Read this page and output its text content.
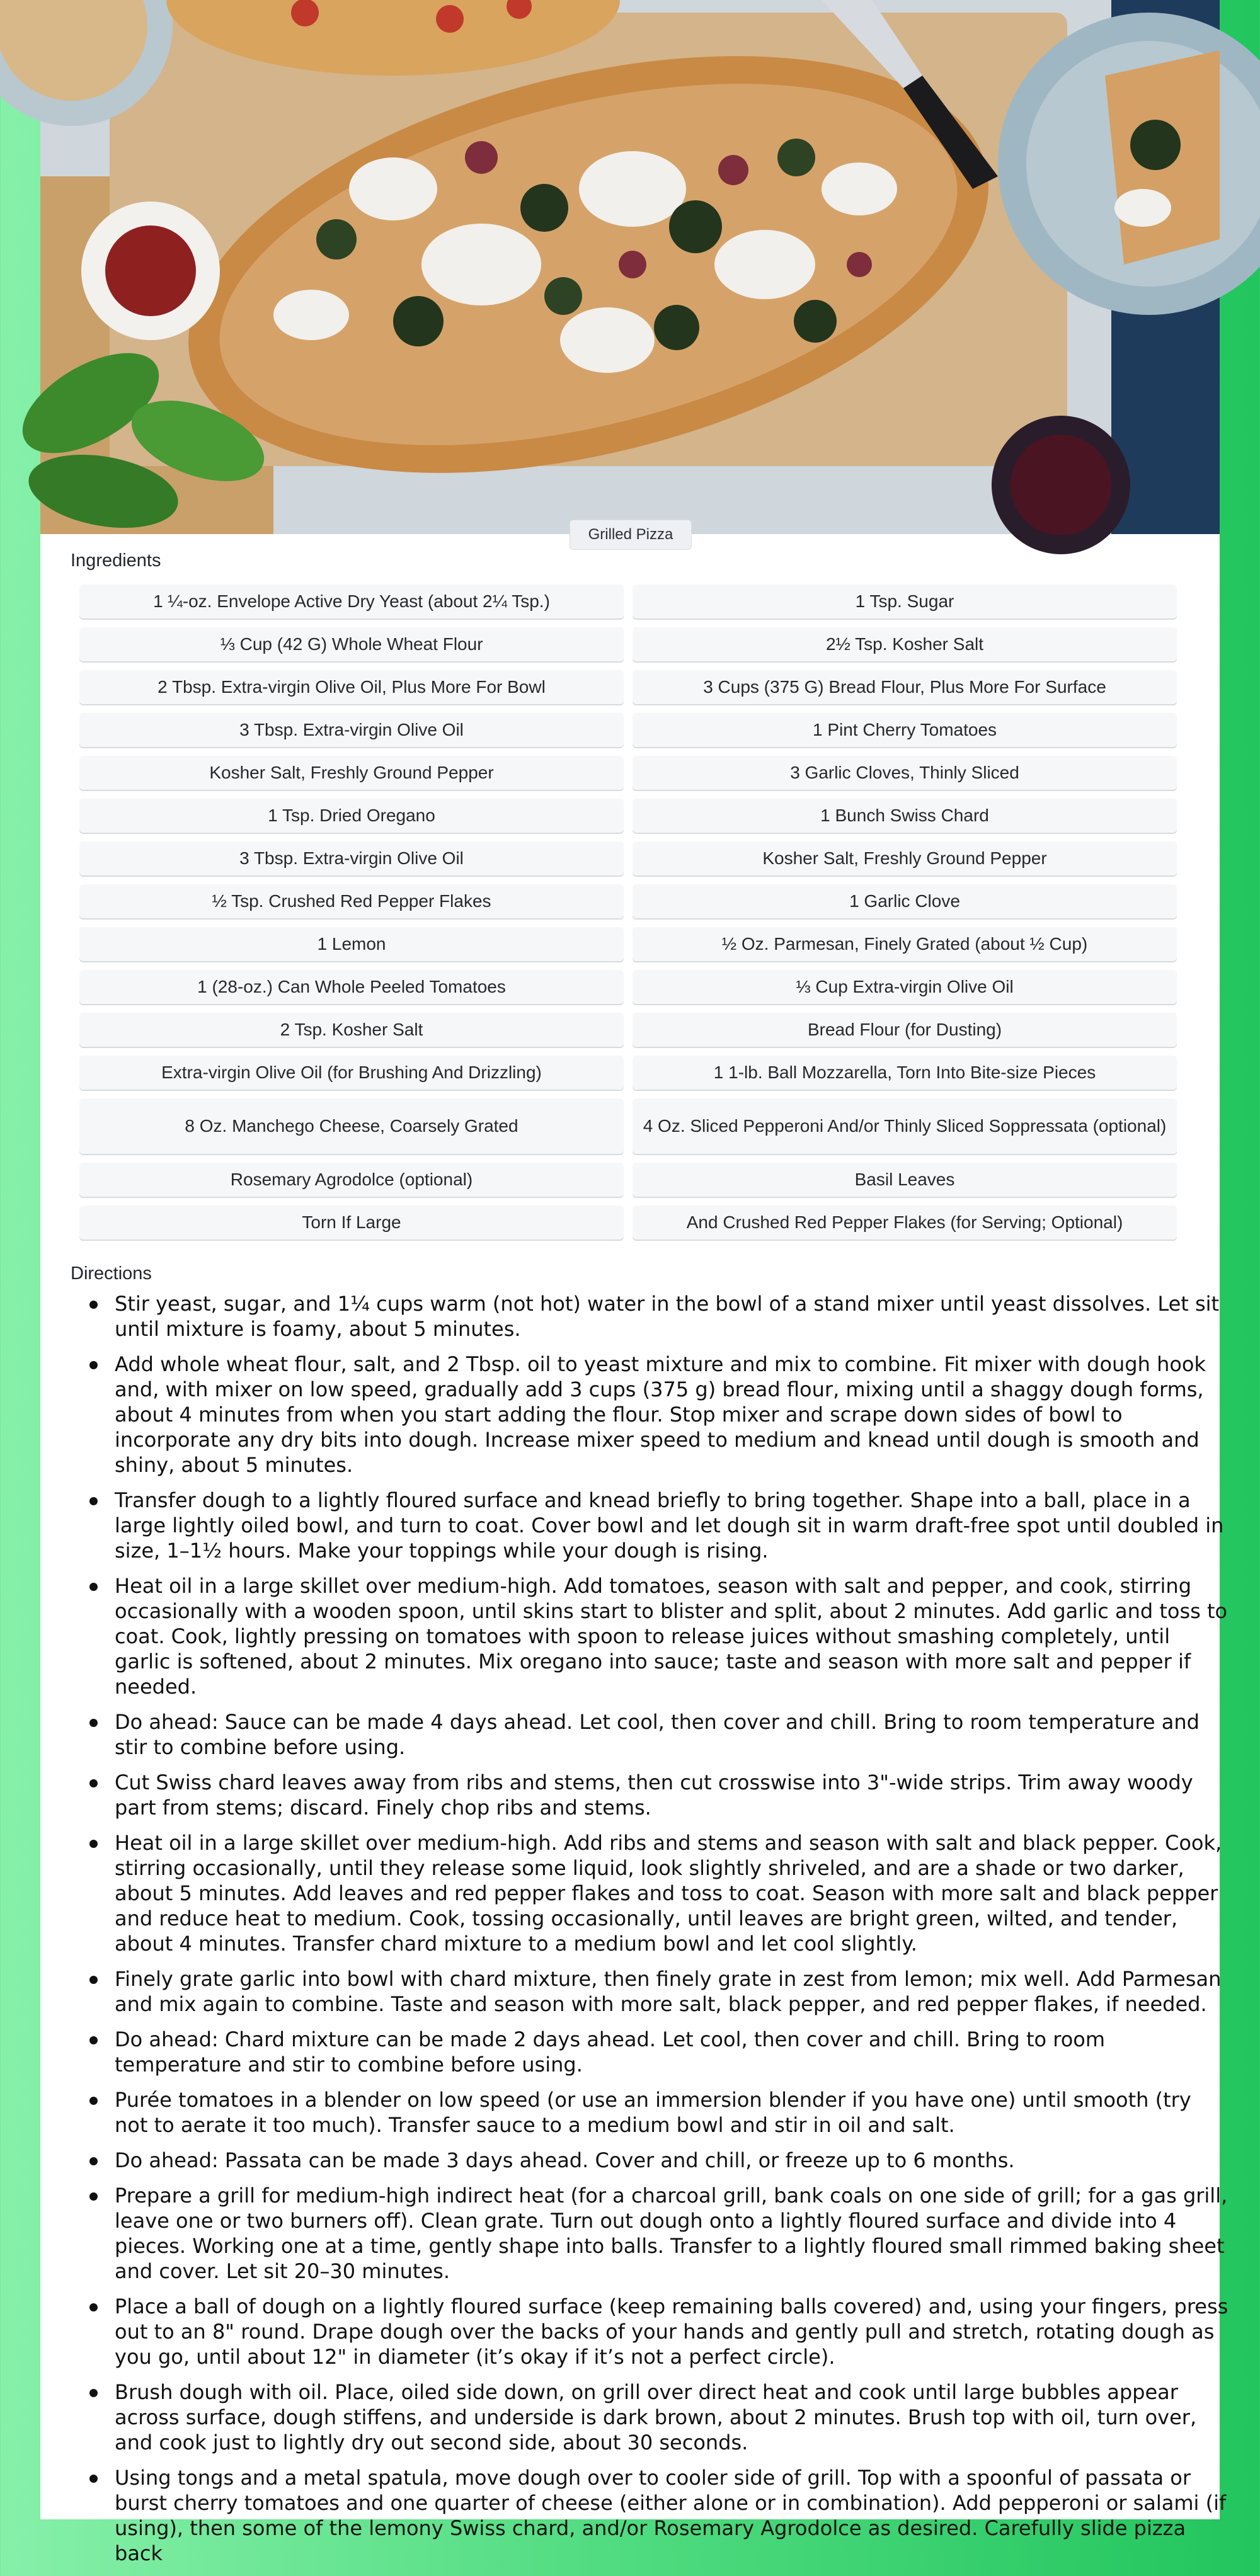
Grilled Pizza
Ingredients
1 ¼-oz. Envelope Active Dry Yeast (about 2¼ Tsp.)	1 Tsp. Sugar
⅓ Cup (42 G) Whole Wheat Flour	2½ Tsp. Kosher Salt
2 Tbsp. Extra-virgin Olive Oil, Plus More For Bowl	3 Cups (375 G) Bread Flour, Plus More For Surface
3 Tbsp. Extra-virgin Olive Oil	1 Pint Cherry Tomatoes
Kosher Salt, Freshly Ground Pepper	3 Garlic Cloves, Thinly Sliced
1 Tsp. Dried Oregano	1 Bunch Swiss Chard
3 Tbsp. Extra-virgin Olive Oil	Kosher Salt, Freshly Ground Pepper
½ Tsp. Crushed Red Pepper Flakes	1 Garlic Clove
1 Lemon	½ Oz. Parmesan, Finely Grated (about ½ Cup)
1 (28-oz.) Can Whole Peeled Tomatoes	⅓ Cup Extra-virgin Olive Oil
2 Tsp. Kosher Salt	Bread Flour (for Dusting)
Extra-virgin Olive Oil (for Brushing And Drizzling)	1 1-lb. Ball Mozzarella, Torn Into Bite-size Pieces
8 Oz. Manchego Cheese, Coarsely Grated	4 Oz. Sliced Pepperoni And/or Thinly Sliced Soppressata (optional)
Rosemary Agrodolce (optional)	Basil Leaves
Torn If Large	And Crushed Red Pepper Flakes (for Serving; Optional)
Directions
Stir yeast, sugar, and 1¼ cups warm (not hot) water in the bowl of a stand mixer until yeast dissolves. Let sit until mixture is foamy, about 5 minutes.
Add whole wheat flour, salt, and 2 Tbsp. oil to yeast mixture and mix to combine. Fit mixer with dough hook and, with mixer on low speed, gradually add 3 cups (375 g) bread flour, mixing until a shaggy dough forms, about 4 minutes from when you start adding the flour. Stop mixer and scrape down sides of bowl to incorporate any dry bits into dough. Increase mixer speed to medium and knead until dough is smooth and shiny, about 5 minutes.
Transfer dough to a lightly floured surface and knead briefly to bring together. Shape into a ball, place in a large lightly oiled bowl, and turn to coat. Cover bowl and let dough sit in warm draft-free spot until doubled in size, 1–1½ hours. Make your toppings while your dough is rising.
Heat oil in a large skillet over medium-high. Add tomatoes, season with salt and pepper, and cook, stirring occasionally with a wooden spoon, until skins start to blister and split, about 2 minutes. Add garlic and toss to coat. Cook, lightly pressing on tomatoes with spoon to release juices without smashing completely, until garlic is softened, about 2 minutes. Mix oregano into sauce; taste and season with more salt and pepper if needed.
Do ahead: Sauce can be made 4 days ahead. Let cool, then cover and chill. Bring to room temperature and stir to combine before using.
Cut Swiss chard leaves away from ribs and stems, then cut crosswise into 3"-wide strips. Trim away woody part from stems; discard. Finely chop ribs and stems.
Heat oil in a large skillet over medium-high. Add ribs and stems and season with salt and black pepper. Cook, stirring occasionally, until they release some liquid, look slightly shriveled, and are a shade or two darker, about 5 minutes. Add leaves and red pepper flakes and toss to coat. Season with more salt and black pepper and reduce heat to medium. Cook, tossing occasionally, until leaves are bright green, wilted, and tender, about 4 minutes. Transfer chard mixture to a medium bowl and let cool slightly.
Finely grate garlic into bowl with chard mixture, then finely grate in zest from lemon; mix well. Add Parmesan and mix again to combine. Taste and season with more salt, black pepper, and red pepper flakes, if needed.
Do ahead: Chard mixture can be made 2 days ahead. Let cool, then cover and chill. Bring to room temperature and stir to combine before using.
Purée tomatoes in a blender on low speed (or use an immersion blender if you have one) until smooth (try not to aerate it too much). Transfer sauce to a medium bowl and stir in oil and salt.
Do ahead: Passata can be made 3 days ahead. Cover and chill, or freeze up to 6 months.
Prepare a grill for medium-high indirect heat (for a charcoal grill, bank coals on one side of grill; for a gas grill, leave one or two burners off). Clean grate. Turn out dough onto a lightly floured surface and divide into 4 pieces. Working one at a time, gently shape into balls. Transfer to a lightly floured small rimmed baking sheet and cover. Let sit 20–30 minutes.
Place a ball of dough on a lightly floured surface (keep remaining balls covered) and, using your fingers, press out to an 8" round. Drape dough over the backs of your hands and gently pull and stretch, rotating dough as you go, until about 12" in diameter (it’s okay if it’s not a perfect circle).
Brush dough with oil. Place, oiled side down, on grill over direct heat and cook until large bubbles appear across surface, dough stiffens, and underside is dark brown, about 2 minutes. Brush top with oil, turn over, and cook just to lightly dry out second side, about 30 seconds.
Using tongs and a metal spatula, move dough over to cooler side of grill. Top with a spoonful of passata or burst cherry tomatoes and one quarter of cheese (either alone or in combination). Add pepperoni or salami (if using), then some of the lemony Swiss chard, and/or Rosemary Agrodolce as desired. Carefully slide pizza back
